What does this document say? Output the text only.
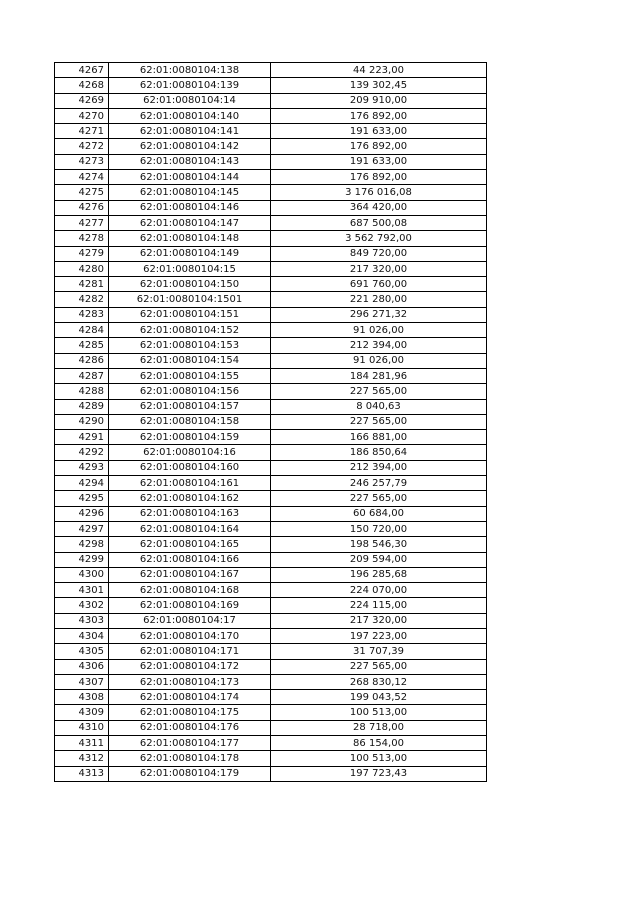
4267	62:01:0080104:138	44 223,00
4268	62:01:0080104:139	139 302,45
4269	62:01:0080104:14	209 910,00
4270	62:01:0080104:140	176 892,00
4271	62:01:0080104:141	191 633,00
4272	62:01:0080104:142	176 892,00
4273	62:01:0080104:143	191 633,00
4274	62:01:0080104:144	176 892,00
4275	62:01:0080104:145	3 176 016,08
4276	62:01:0080104:146	364 420,00
4277	62:01:0080104:147	687 500,08
4278	62:01:0080104:148	3 562 792,00
4279	62:01:0080104:149	849 720,00
4280	62:01:0080104:15	217 320,00
4281	62:01:0080104:150	691 760,00
4282	62:01:0080104:1501	221 280,00
4283	62:01:0080104:151	296 271,32
4284	62:01:0080104:152	91 026,00
4285	62:01:0080104:153	212 394,00
4286	62:01:0080104:154	91 026,00
4287	62:01:0080104:155	184 281,96
4288	62:01:0080104:156	227 565,00
4289	62:01:0080104:157	8 040,63
4290	62:01:0080104:158	227 565,00
4291	62:01:0080104:159	166 881,00
4292	62:01:0080104:16	186 850,64
4293	62:01:0080104:160	212 394,00
4294	62:01:0080104:161	246 257,79
4295	62:01:0080104:162	227 565,00
4296	62:01:0080104:163	60 684,00
4297	62:01:0080104:164	150 720,00
4298	62:01:0080104:165	198 546,30
4299	62:01:0080104:166	209 594,00
4300	62:01:0080104:167	196 285,68
4301	62:01:0080104:168	224 070,00
4302	62:01:0080104:169	224 115,00
4303	62:01:0080104:17	217 320,00
4304	62:01:0080104:170	197 223,00
4305	62:01:0080104:171	31 707,39
4306	62:01:0080104:172	227 565,00
4307	62:01:0080104:173	268 830,12
4308	62:01:0080104:174	199 043,52
4309	62:01:0080104:175	100 513,00
4310	62:01:0080104:176	28 718,00
4311	62:01:0080104:177	86 154,00
4312	62:01:0080104:178	100 513,00
4313	62:01:0080104:179	197 723,43
